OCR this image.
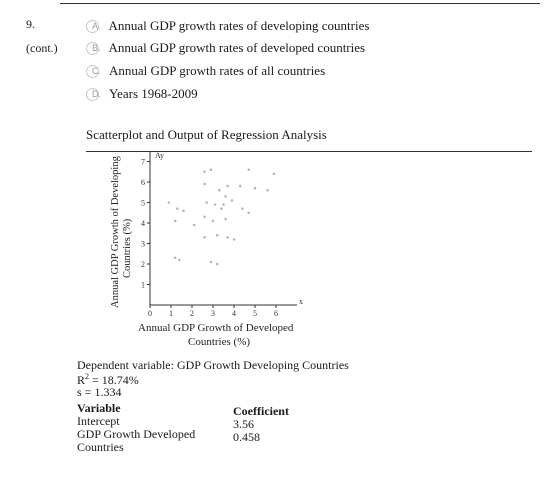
9.
(cont.)
A. Annual GDP growth rates of developing countries
B. Annual GDP growth rates of developed countries
C. Annual GDP growth rates of all countries
D. Years 1968-2009
Scatterplot and Output of Regression Analysis
0 1 2 3 4 5 6
1
2
3
4
5
6
7
Ay
x
Annual GDP Growth of Developing Countries (%)
Annual GDP Growth of Developed
Countries (%)
Dependent variable: GDP Growth Developing Countries
$R^2 = 18.74\%$
s = 1.334
Variable	Coefficient
Intercept	3.56
GDP Growth Developed	0.458
Countries
